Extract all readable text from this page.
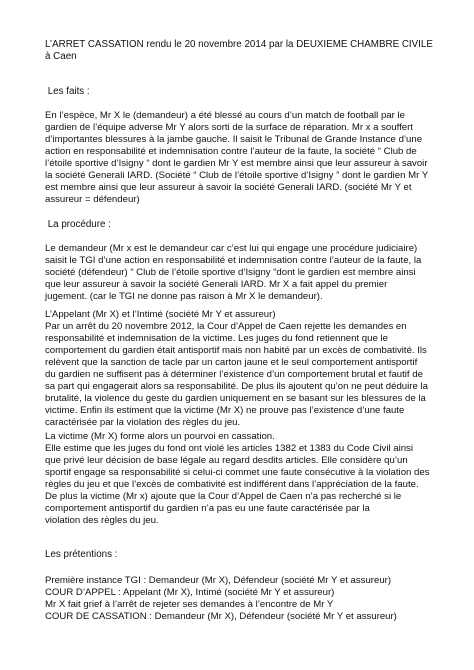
L’ARRET CASSATION rendu le 20 novembre 2014 par la DEUXIEME CHAMBRE CIVILE
à Caen
Les faits :
En l’espèce, Mr X le (demandeur) a été blessé au cours d’un match de football par le
gardien de l’équipe adverse Mr Y alors sorti de la surface de réparation. Mr x a souffert
d’importantes blessures à la jambe gauche. Il saisit le Tribunal de Grande Instance d’une
action en responsabilité et indemnisation contre l’auteur de la faute, la société “ Club de
l’étoile sportive d’Isigny “ dont le gardien Mr Y est membre ainsi que leur assureur à savoir
la société Generali IARD. (Société “ Club de l’étoile sportive d’Isigny ” dont le gardien Mr Y
est membre ainsi que leur assureur à savoir la société Generali IARD. (société Mr Y et
assureur = défendeur)
La procédure :
Le demandeur (Mr x est le demandeur car c’est lui qui engage une procédure judiciaire)
saisit le TGI d’une action en responsabilité et indemnisation contre l’auteur de la faute, la
société (défendeur) “ Club de l’étoile sportive d’Isigny “dont le gardien est membre ainsi
que leur assureur à savoir la société Generali IARD. Mr X a fait appel du premier
jugement. (car le TGI ne donne pas raison à Mr X le demandeur).
L’Appelant (Mr X) et l’Intimé (société Mr Y et assureur)
Par un arrêt du 20 novembre 2012, la Cour d’Appel de Caen rejette les demandes en
responsabilité et indemnisation de la victime. Les juges du fond retiennent que le
comportement du gardien était antisportif mais non habité par un excès de combativité. Ils
relèvent que la sanction de tacle par un carton jaune et le seul comportement antisportif
du gardien ne suffisent pas à déterminer l’existence d’un comportement brutal et fautif de
sa part qui engagerait alors sa responsabilité. De plus ils ajoutent qu’on ne peut déduire la
brutalité, la violence du geste du gardien uniquement en se basant sur les blessures de la
victime. Enfin ils estiment que la victime (Mr X) ne prouve pas l’existence d’une faute
caractérisée par la violation des règles du jeu.
La victime (Mr X) forme alors un pourvoi en cassation.
Elle estime que les juges du fond ont violé les articles 1382 et 1383 du Code Civil ainsi
que privé leur décision de base légale au regard desdits articles. Elle considère qu’un
sportif engage sa responsabilité si celui-ci commet une faute consécutive à la violation des
règles du jeu et que l’excès de combativité est indifférent dans l’appréciation de la faute.
De plus la victime (Mr x) ajoute que la Cour d’Appel de Caen n’a pas recherché si le
comportement antisportif du gardien n’a pas eu une faute caractérisée par la
violation des règles du jeu.
Les prétentions :
Première instance TGI : Demandeur (Mr X), Défendeur (société Mr Y et assureur)
COUR D’APPEL : Appelant (Mr X), Intimé (société Mr Y et assureur)
Mr X fait grief à l’arrêt de rejeter ses demandes à l’encontre de Mr Y
COUR DE CASSATION : Demandeur (Mr X), Défendeur (société Mr Y et assureur)
